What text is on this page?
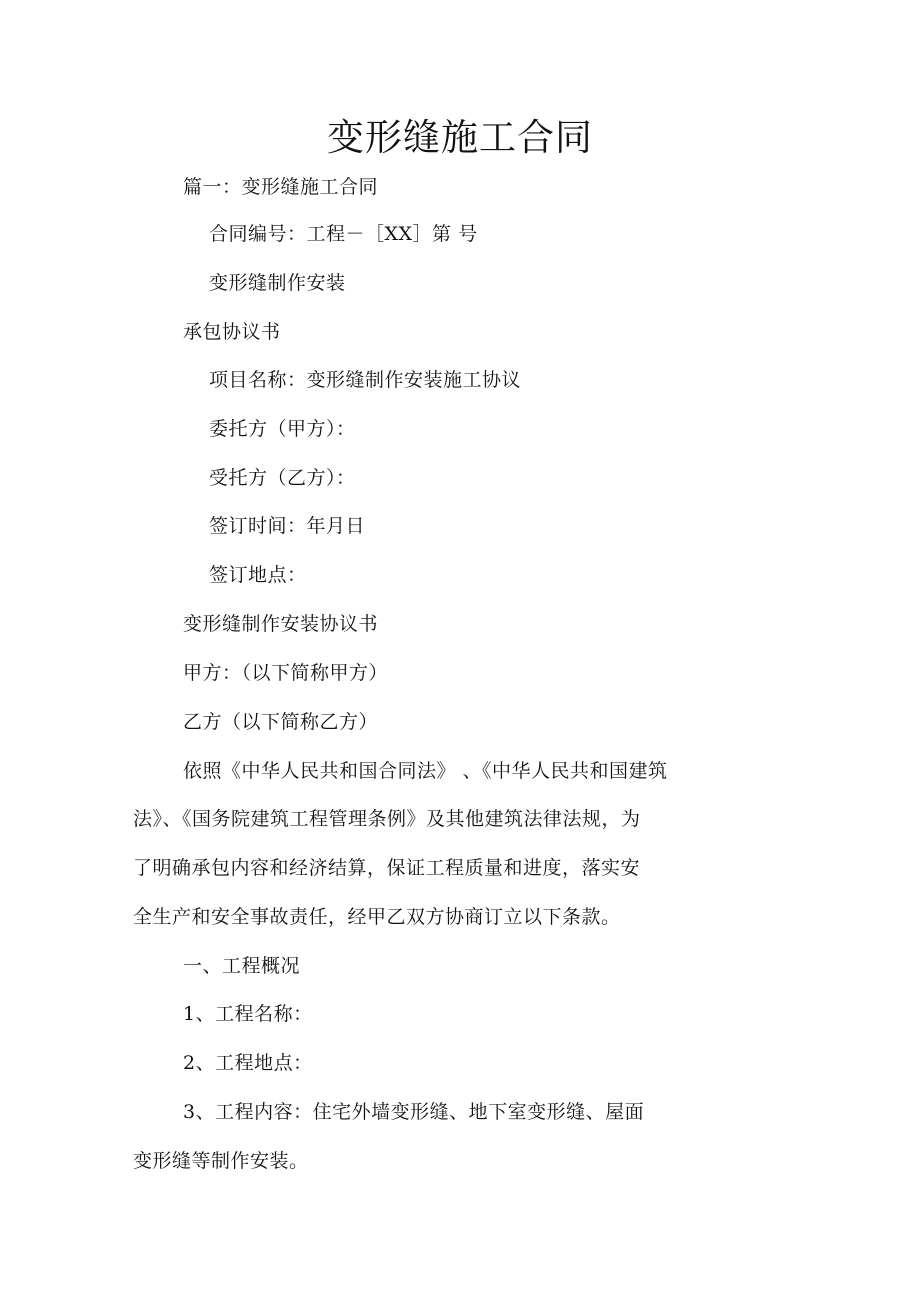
变形缝施工合同
篇一：变形缝施工合同
合同编号：工程－［XX］第 号
变形缝制作安装
承包协议书
项目名称：变形缝制作安装施工协议
委托方（甲方）：
受托方（乙方）：
签订时间：年月日
签订地点：
变形缝制作安装协议书
甲方：（以下简称甲方）
乙方（以下简称乙方）
依照《中华人民共和国合同法》 、《中华人民共和国建筑
法》、《国务院建筑工程管理条例》及其他建筑法律法规，为
了明确承包内容和经济结算，保证工程质量和进度，落实安
全生产和安全事故责任，经甲乙双方协商订立以下条款。
一、工程概况
1、工程名称：
2、工程地点：
3、工程内容：住宅外墙变形缝、地下室变形缝、屋面
变形缝等制作安装。
